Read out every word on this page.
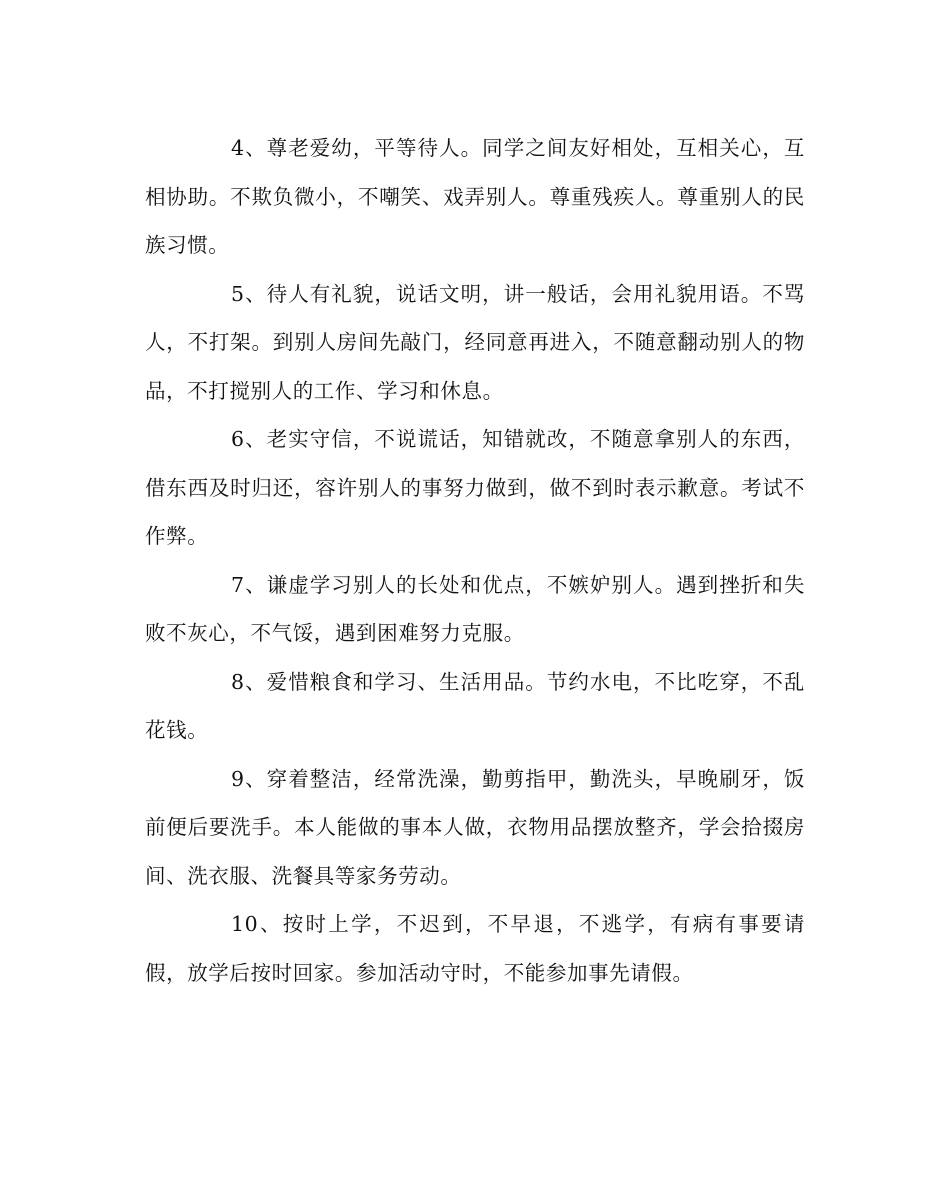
4、尊老爱幼，平等待人。同学之间友好相处，互相关心，互相协助。不欺负微小，不嘲笑、戏弄别人。尊重残疾人。尊重别人的民族习惯。

5、待人有礼貌，说话文明，讲一般话，会用礼貌用语。不骂人，不打架。到别人房间先敲门，经同意再进入，不随意翻动别人的物品，不打搅别人的工作、学习和休息。

6、老实守信，不说谎话，知错就改，不随意拿别人的东西，借东西及时归还，容许别人的事努力做到，做不到时表示歉意。考试不作弊。

7、谦虚学习别人的长处和优点，不嫉妒别人。遇到挫折和失败不灰心，不气馁，遇到困难努力克服。

8、爱惜粮食和学习、生活用品。节约水电，不比吃穿，不乱花钱。

9、穿着整洁，经常洗澡，勤剪指甲，勤洗头，早晚刷牙，饭前便后要洗手。本人能做的事本人做，衣物用品摆放整齐，学会拾掇房间、洗衣服、洗餐具等家务劳动。

10、按时上学，不迟到，不早退，不逃学，有病有事要请假，放学后按时回家。参加活动守时，不能参加事先请假。
